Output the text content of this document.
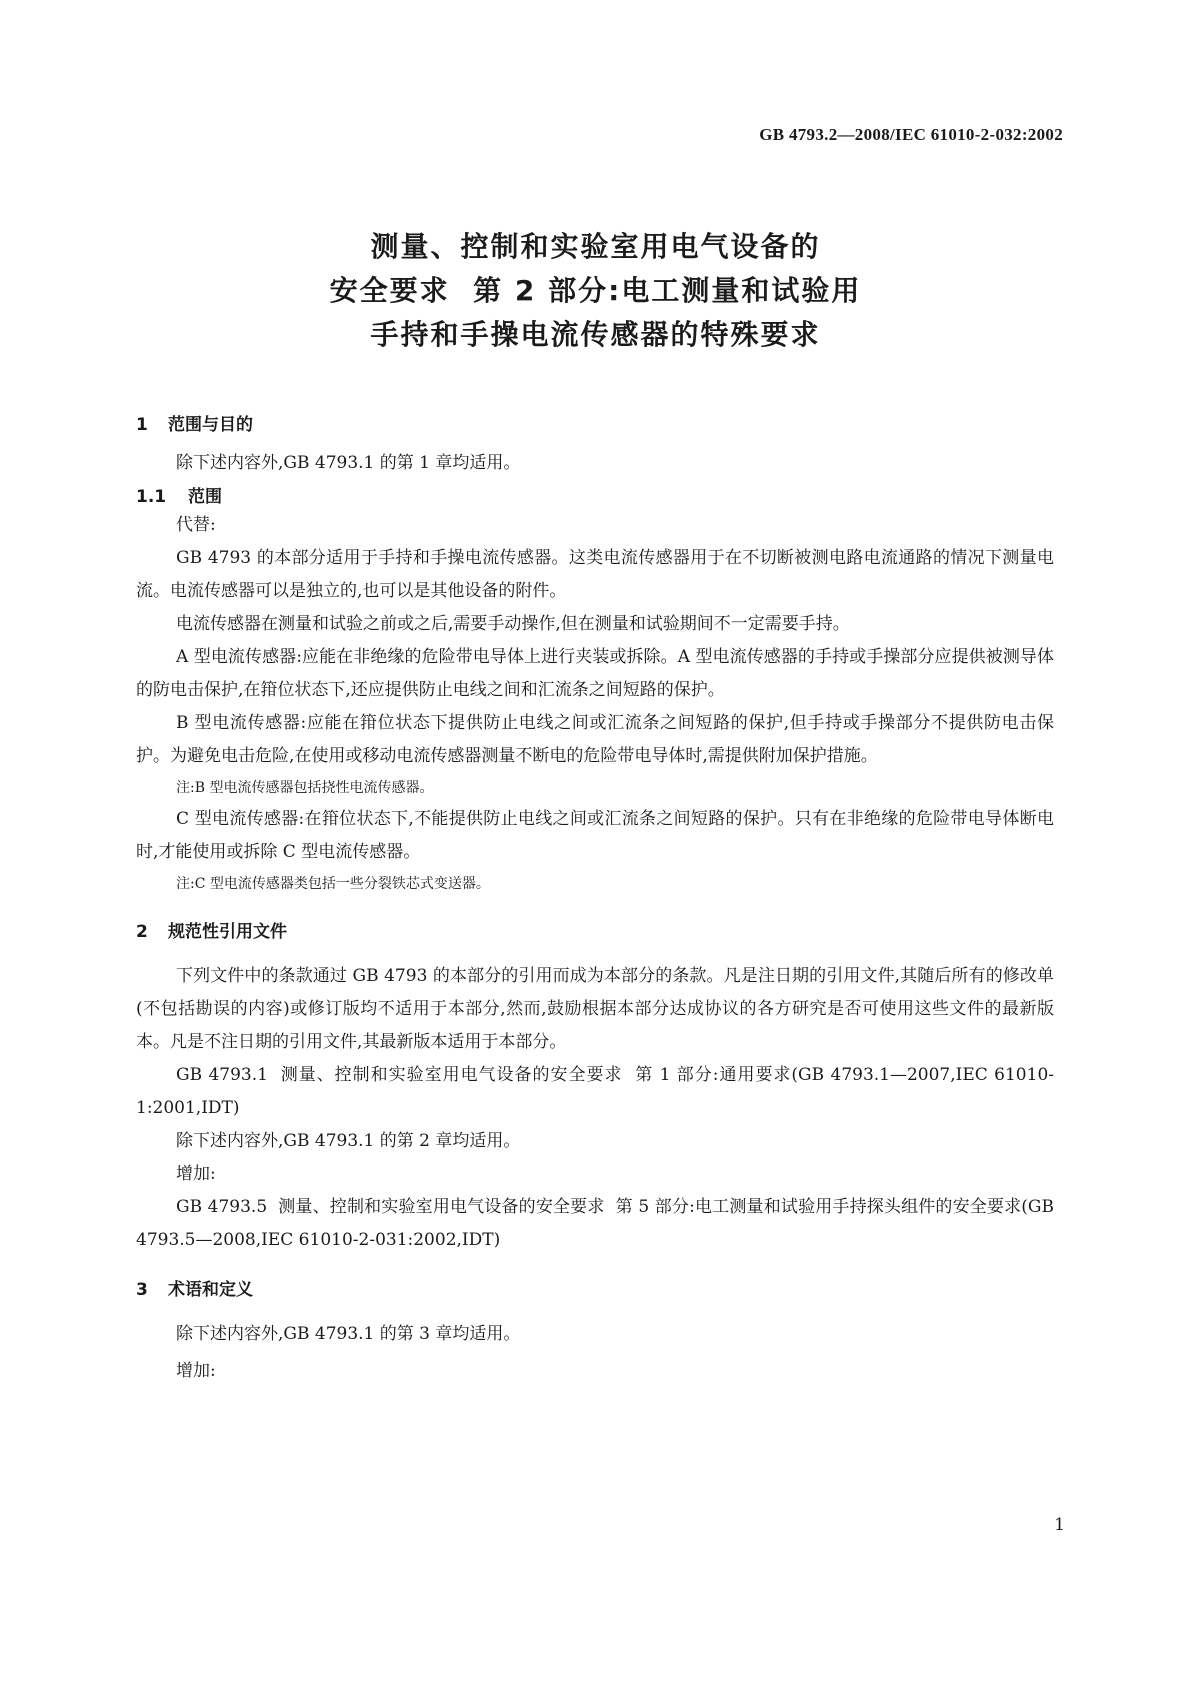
GB 4793.2—2008/IEC 61010-2-032:2002
测量、控制和实验室用电气设备的
安全要求  第 2 部分:电工测量和试验用
手持和手操电流传感器的特殊要求
1 范围与目的

除下述内容外,GB 4793.1 的第 1 章均适用。

1.1 范围

代替:

GB 4793 的本部分适用于手持和手操电流传感器。这类电流传感器用于在不切断被测电路电流通路的情况下测量电流。电流传感器可以是独立的,也可以是其他设备的附件。

电流传感器在测量和试验之前或之后,需要手动操作,但在测量和试验期间不一定需要手持。

A 型电流传感器:应能在非绝缘的危险带电导体上进行夹装或拆除。A 型电流传感器的手持或手操部分应提供被测导体的防电击保护,在箝位状态下,还应提供防止电线之间和汇流条之间短路的保护。

B 型电流传感器:应能在箝位状态下提供防止电线之间或汇流条之间短路的保护,但手持或手操部分不提供防电击保护。为避免电击危险,在使用或移动电流传感器测量不断电的危险带电导体时,需提供附加保护措施。

注:B 型电流传感器包括挠性电流传感器。

C 型电流传感器:在箝位状态下,不能提供防止电线之间或汇流条之间短路的保护。只有在非绝缘的危险带电导体断电时,才能使用或拆除 C 型电流传感器。

注:C 型电流传感器类包括一些分裂铁芯式变送器。

2 规范性引用文件

下列文件中的条款通过 GB 4793 的本部分的引用而成为本部分的条款。凡是注日期的引用文件,其随后所有的修改单(不包括勘误的内容)或修订版均不适用于本部分,然而,鼓励根据本部分达成协议的各方研究是否可使用这些文件的最新版本。凡是不注日期的引用文件,其最新版本适用于本部分。

GB 4793.1  测量、控制和实验室用电气设备的安全要求  第 1 部分:通用要求(GB 4793.1—2007,IEC 61010-1:2001,IDT)

除下述内容外,GB 4793.1 的第 2 章均适用。

增加:

GB 4793.5  测量、控制和实验室用电气设备的安全要求  第 5 部分:电工测量和试验用手持探头组件的安全要求(GB 4793.5—2008,IEC 61010-2-031:2002,IDT)

3 术语和定义

除下述内容外,GB 4793.1 的第 3 章均适用。

增加:

1
